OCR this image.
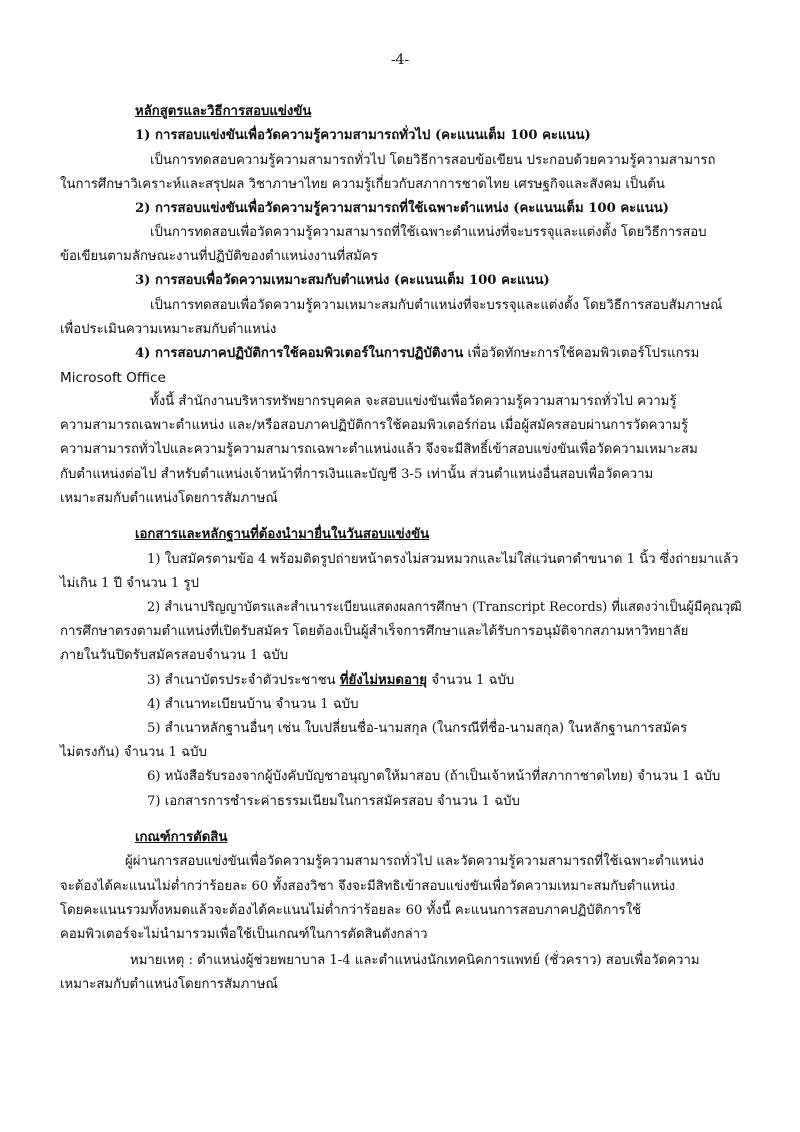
-4-
หลักสูตรและวิธีการสอบแข่งขัน
1) การสอบแข่งขันเพื่อวัดความรู้ความสามารถทั่วไป (คะแนนเต็ม 100 คะแนน)
เป็นการทดสอบความรู้ความสามารถทั่วไป โดยวิธีการสอบข้อเขียน ประกอบด้วยความรู้ความสามารถ
ในการศึกษาวิเคราะห์และสรุปผล วิชาภาษาไทย ความรู้เกี่ยวกับสภาการชาดไทย เศรษฐกิจและสังคม เป็นต้น
2) การสอบแข่งขันเพื่อวัดความรู้ความสามารถที่ใช้เฉพาะตำแหน่ง (คะแนนเต็ม 100 คะแนน)
เป็นการทดสอบเพื่อวัดความรู้ความสามารถที่ใช้เฉพาะตำแหน่งที่จะบรรจุและแต่งตั้ง โดยวิธีการสอบ
ข้อเขียนตามลักษณะงานที่ปฏิบัติของตำแหน่งงานที่สมัคร
3) การสอบเพื่อวัดความเหมาะสมกับตำแหน่ง (คะแนนเต็ม 100 คะแนน)
เป็นการทดสอบเพื่อวัดความรู้ความเหมาะสมกับตำแหน่งที่จะบรรจุและแต่งตั้ง โดยวิธีการสอบสัมภาษณ์
เพื่อประเมินความเหมาะสมกับตำแหน่ง
4) การสอบภาคปฏิบัติการใช้คอมพิวเตอร์ในการปฏิบัติงาน เพื่อวัดทักษะการใช้คอมพิวเตอร์โปรแกรม
Microsoft Office
ทั้งนี้ สำนักงานบริหารทรัพยากรบุคคล จะสอบแข่งขันเพื่อวัดความรู้ความสามารถทั่วไป ความรู้
ความสามารถเฉพาะตำแหน่ง และ/หรือสอบภาคปฏิบัติการใช้คอมพิวเตอร์ก่อน เมื่อผู้สมัครสอบผ่านการวัดความรู้
ความสามารถทั่วไปและความรู้ความสามารถเฉพาะตำแหน่งแล้ว จึงจะมีสิทธิ์เข้าสอบแข่งขันเพื่อวัดความเหมาะสม
กับตำแหน่งต่อไป สำหรับตำแหน่งเจ้าหน้าที่การเงินและบัญชี 3-5 เท่านั้น ส่วนตำแหน่งอื่นสอบเพื่อวัดความ
เหมาะสมกับตำแหน่งโดยการสัมภาษณ์
เอกสารและหลักฐานที่ต้องนำมายื่นในวันสอบแข่งขัน
1) ใบสมัครตามข้อ 4 พร้อมติดรูปถ่ายหน้าตรงไม่สวมหมวกและไม่ใส่แว่นตาดำขนาด 1 นิ้ว ซึ่งถ่ายมาแล้ว
ไม่เกิน 1 ปี จำนวน 1 รูป
2) สำเนาปริญญาบัตรและสำเนาระเบียนแสดงผลการศึกษา (Transcript Records) ที่แสดงว่าเป็นผู้มีคุณวุฒิ
การศึกษาตรงตามตำแหน่งที่เปิดรับสมัคร โดยต้องเป็นผู้สำเร็จการศึกษาและได้รับการอนุมัติจากสภามหาวิทยาลัย
ภายในวันปิดรับสมัครสอบจำนวน 1 ฉบับ
3) สำเนาบัตรประจำตัวประชาชน ที่ยังไม่หมดอายุ จำนวน 1 ฉบับ
4) สำเนาทะเบียนบ้าน จำนวน 1 ฉบับ
5) สำเนาหลักฐานอื่นๆ เช่น ใบเปลี่ยนชื่อ-นามสกุล (ในกรณีที่ชื่อ-นามสกุล) ในหลักฐานการสมัคร
ไม่ตรงกัน) จำนวน 1 ฉบับ
6) หนังสือรับรองจากผู้บังคับบัญชาอนุญาตให้มาสอบ (ถ้าเป็นเจ้าหน้าที่สภากาชาดไทย) จำนวน 1 ฉบับ
7) เอกสารการชำระค่าธรรมเนียมในการสมัครสอบ จำนวน 1 ฉบับ
เกณฑ์การตัดสิน
ผู้ผ่านการสอบแข่งขันเพื่อวัดความรู้ความสามารถทั่วไป และวัดความรู้ความสามารถที่ใช้เฉพาะตำแหน่ง
จะต้องได้คะแนนไม่ต่ำกว่าร้อยละ 60 ทั้งสองวิชา จึงจะมีสิทธิเข้าสอบแข่งขันเพื่อวัดความเหมาะสมกับตำแหน่ง
โดยคะแนนรวมทั้งหมดแล้วจะต้องได้คะแนนไม่ต่ำกว่าร้อยละ 60 ทั้งนี้ คะแนนการสอบภาคปฏิบัติการใช้
คอมพิวเตอร์จะไม่นำมารวมเพื่อใช้เป็นเกณฑ์ในการตัดสินดังกล่าว
หมายเหตุ : ตำแหน่งผู้ช่วยพยาบาล 1-4 และตำแหน่งนักเทคนิคการแพทย์ (ชั่วคราว) สอบเพื่อวัดความ
เหมาะสมกับตำแหน่งโดยการสัมภาษณ์
